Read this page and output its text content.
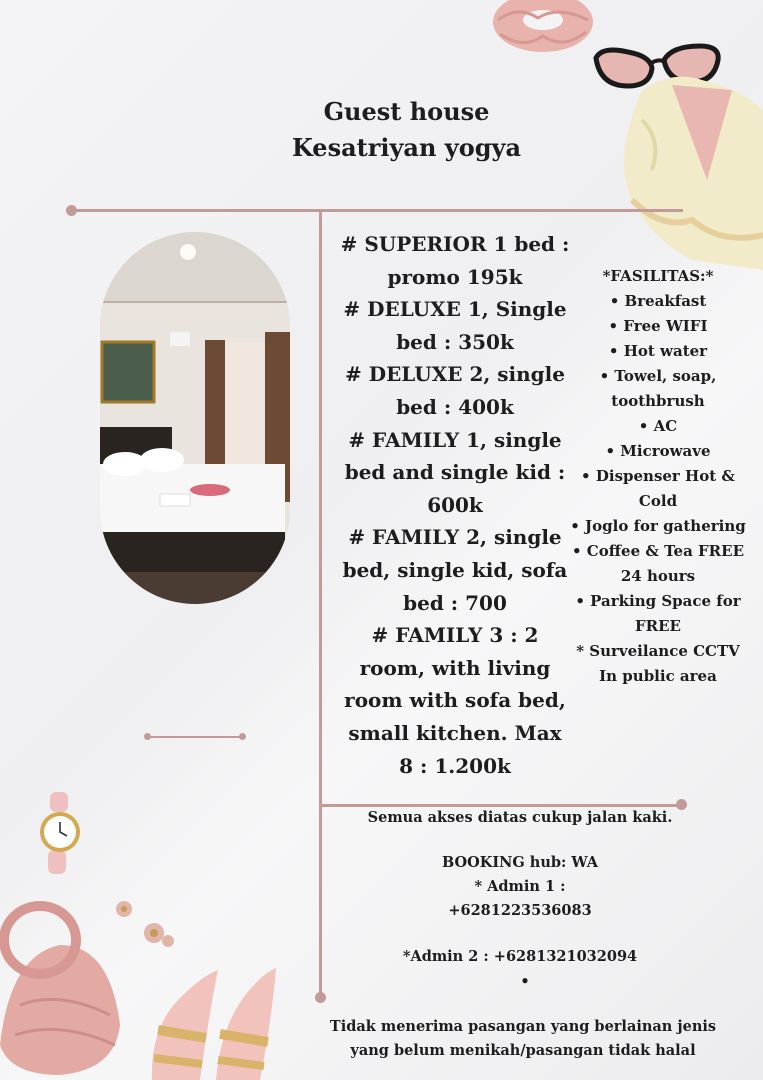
Guest house
Kesatriyan yogya
# SUPERIOR 1 bed : promo 195k
# DELUXE 1, Single bed : 350k
# DELUXE 2, single bed : 400k
# FAMILY 1, single bed and single kid : 600k
# FAMILY 2, single bed, single kid, sofa bed : 700
# FAMILY 3 : 2 room, with living room with sofa bed, small kitchen. Max 8 : 1.200k
*FASILITAS:*
• Breakfast
• Free WIFI
• Hot water
• Towel, soap, toothbrush
• AC
• Microwave
• Dispenser Hot & Cold
• Joglo for gathering
• Coffee & Tea FREE 24 hours
• Parking Space for FREE
* Surveilance CCTV In public area
Semua akses diatas cukup jalan kaki.
BOOKING hub: WA
* Admin 1 :
+6281223536083
*Admin 2 : +6281321032094
•
Tidak menerima pasangan yang berlainan jenis
yang belum menikah/pasangan tidak halal
